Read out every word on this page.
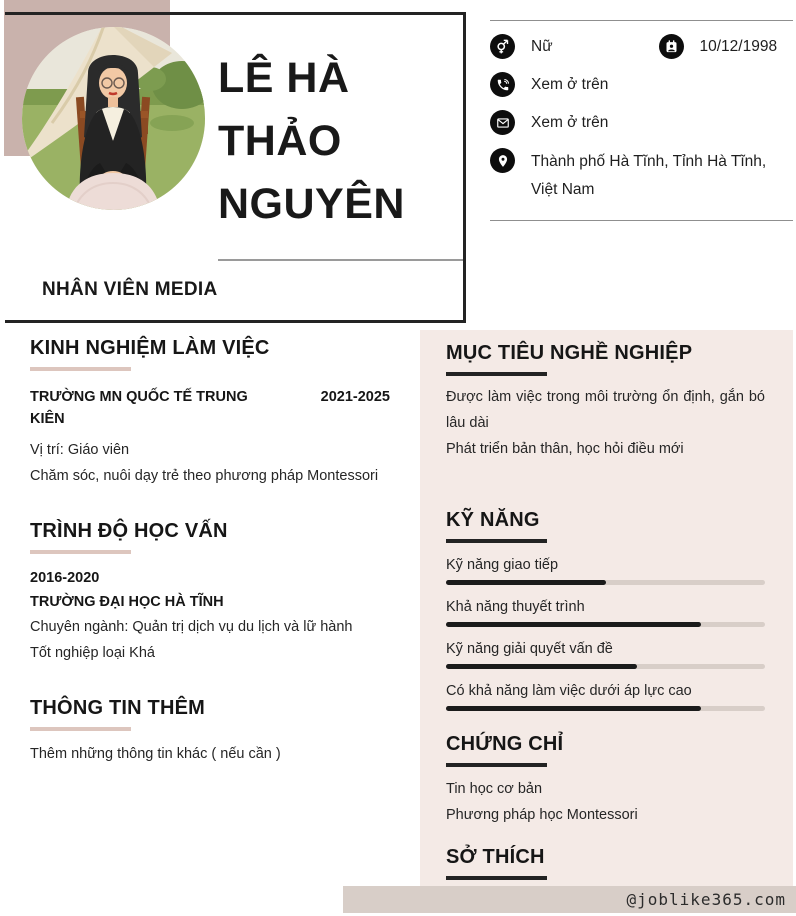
LÊ HÀ
THẢO
NGUYÊN
NHÂN VIÊN MEDIA
Nữ	10/12/1998
Xem ở trên
Xem ở trên
Thành phố Hà Tĩnh, Tỉnh Hà Tĩnh, Việt Nam
KINH NGHIỆM LÀM VIỆC
TRƯỜNG MN QUỐC TẾ TRUNG KIÊN
2021-2025
Vị trí: Giáo viên
Chăm sóc, nuôi dạy trẻ theo phương pháp Montessori
TRÌNH ĐỘ HỌC VẤN
2016-2020
TRƯỜNG ĐẠI HỌC HÀ TĨNH
Chuyên ngành: Quản trị dịch vụ du lịch và lữ hành
Tốt nghiệp loại Khá
THÔNG TIN THÊM
Thêm những thông tin khác ( nếu cần )
MỤC TIÊU NGHỀ NGHIỆP
Được làm việc trong môi trường ổn định, gắn bó lâu dài
Phát triển bản thân, học hỏi điều mới
KỸ NĂNG
Kỹ năng giao tiếp
Khả năng thuyết trình
Kỹ năng giải quyết vấn đề
Có khả năng làm việc dưới áp lực cao
CHỨNG CHỈ
Tin học cơ bản
Phương pháp học Montessori
SỞ THÍCH
@joblike365.com
